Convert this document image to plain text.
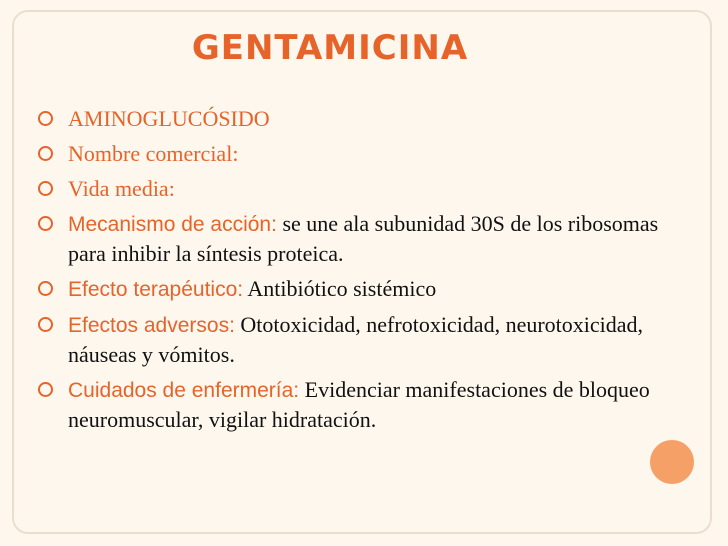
GENTAMICINA
AMINOGLUCÓSIDO
Nombre comercial:
Vida media:
Mecanismo de acción: se une ala subunidad 30S de los ribosomas para inhibir la síntesis proteica.
Efecto terapéutico: Antibiótico sistémico
Efectos adversos: Ototoxicidad, nefrotoxicidad, neurotoxicidad, náuseas y vómitos.
Cuidados de enfermería: Evidenciar manifestaciones de bloqueo neuromuscular, vigilar hidratación.
